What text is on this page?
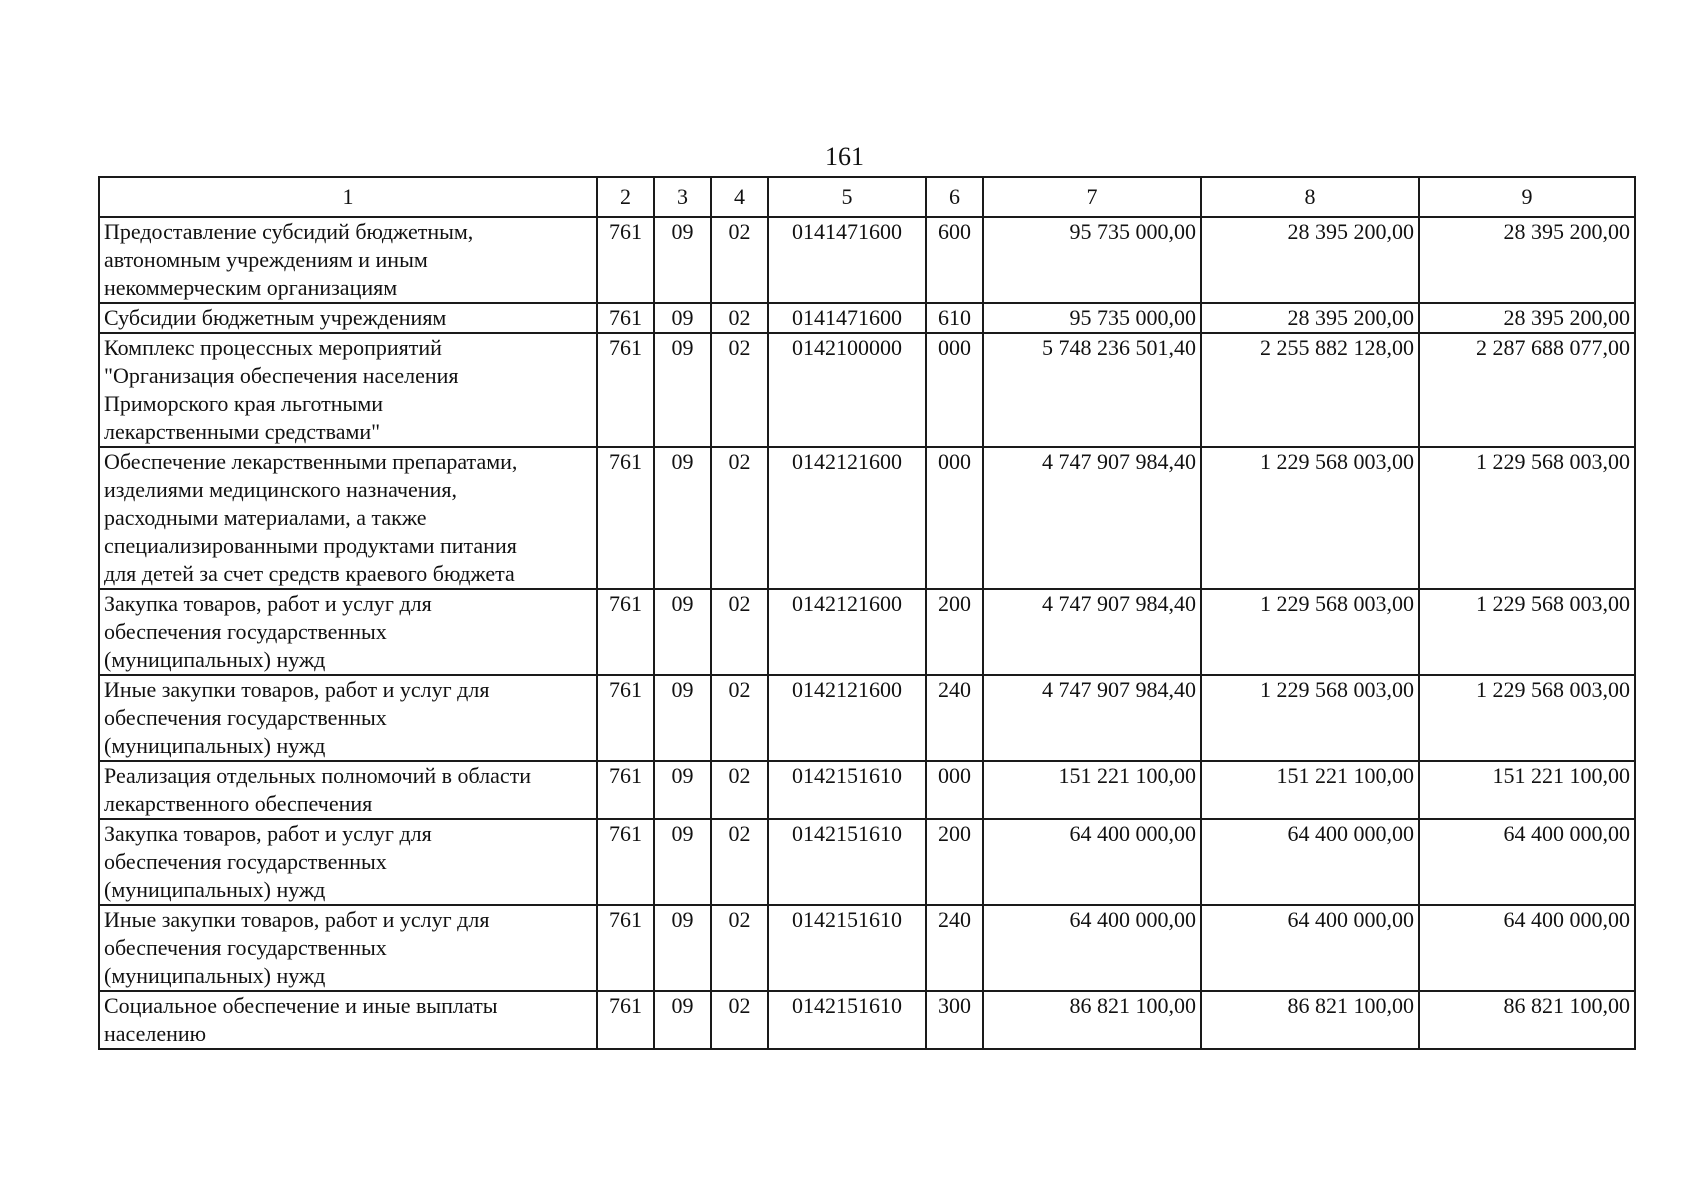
161
1	2	3	4	5	6	7	8	9

Предоставление субсидий бюджетным,
автономным учреждениям и иным
некоммерческим организациям	761	09	02	0141471600	600	95 735 000,00	28 395 200,00	28 395 200,00

Субсидии бюджетным учреждениям	761	09	02	0141471600	610	95 735 000,00	28 395 200,00	28 395 200,00

Комплекс процессных мероприятий
"Организация обеспечения населения
Приморского края льготными
лекарственными средствами"	761	09	02	0142100000	000	5 748 236 501,40	2 255 882 128,00	2 287 688 077,00

Обеспечение лекарственными препаратами,
изделиями медицинского назначения,
расходными материалами, а также
специализированными продуктами питания
для детей за счет средств краевого бюджета	761	09	02	0142121600	000	4 747 907 984,40	1 229 568 003,00	1 229 568 003,00

Закупка товаров, работ и услуг для
обеспечения государственных
(муниципальных) нужд	761	09	02	0142121600	200	4 747 907 984,40	1 229 568 003,00	1 229 568 003,00

Иные закупки товаров, работ и услуг для
обеспечения государственных
(муниципальных) нужд	761	09	02	0142121600	240	4 747 907 984,40	1 229 568 003,00	1 229 568 003,00

Реализация отдельных полномочий в области
лекарственного обеспечения	761	09	02	0142151610	000	151 221 100,00	151 221 100,00	151 221 100,00

Закупка товаров, работ и услуг для
обеспечения государственных
(муниципальных) нужд	761	09	02	0142151610	200	64 400 000,00	64 400 000,00	64 400 000,00

Иные закупки товаров, работ и услуг для
обеспечения государственных
(муниципальных) нужд	761	09	02	0142151610	240	64 400 000,00	64 400 000,00	64 400 000,00

Социальное обеспечение и иные выплаты
населению	761	09	02	0142151610	300	86 821 100,00	86 821 100,00	86 821 100,00
